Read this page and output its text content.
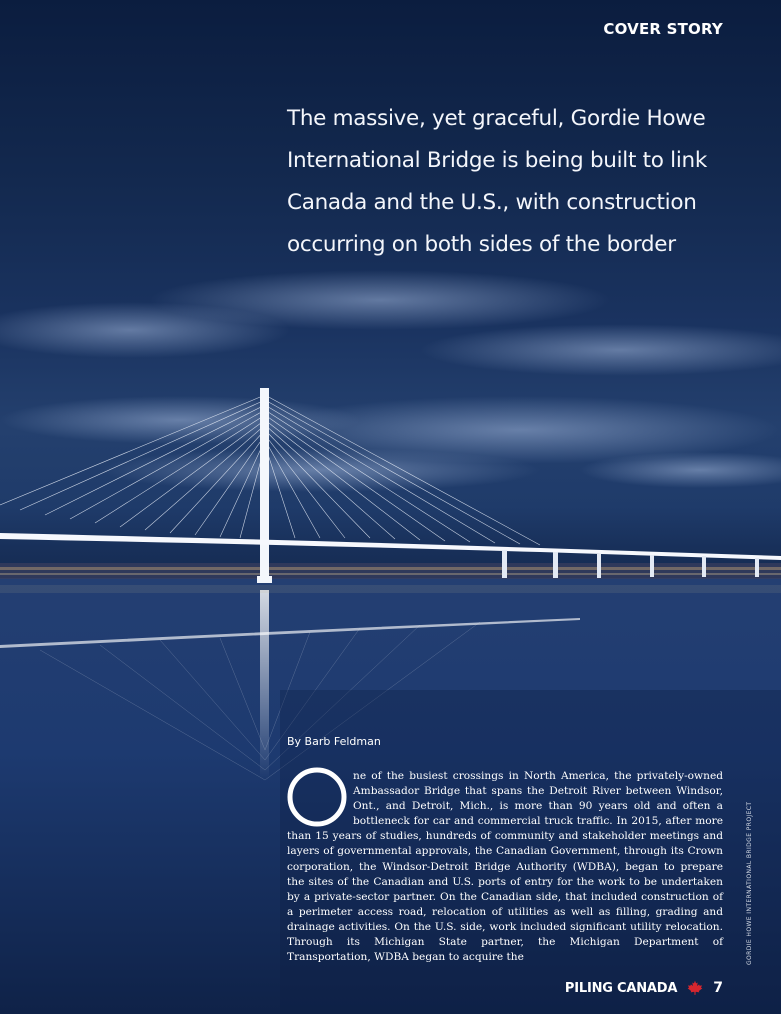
COVER STORY
The massive, yet graceful, Gordie Howe International Bridge is being built to link Canada and the U.S., with construction occurring on both sides of the border
By Barb Feldman

ne of the busiest crossings in North America, the privately-owned Ambassador Bridge that spans the Detroit River between Windsor, Ont., and Detroit, Mich., is more than 90 years old and often a bottleneck for car and commercial truck traffic. In 2015, after more than 15 years of studies, hundreds of community and stakeholder meetings and layers of governmental approvals, the Canadian Government, through its Crown corporation, the Windsor-Detroit Bridge Authority (WDBA), began to prepare the sites of the Canadian and U.S. ports of entry for the work to be undertaken by a private-sector partner. On the Canadian side, that included construction of a perimeter access road, relocation of utilities as well as filling, grading and drainage activities. On the U.S. side, work included significant utility relocation. Through its Michigan State partner, the Michigan Department of Transportation, WDBA began to acquire the	GORDIE HOWE INTERNATIONAL BRIDGE PROJECT
PILING CANADA	7
